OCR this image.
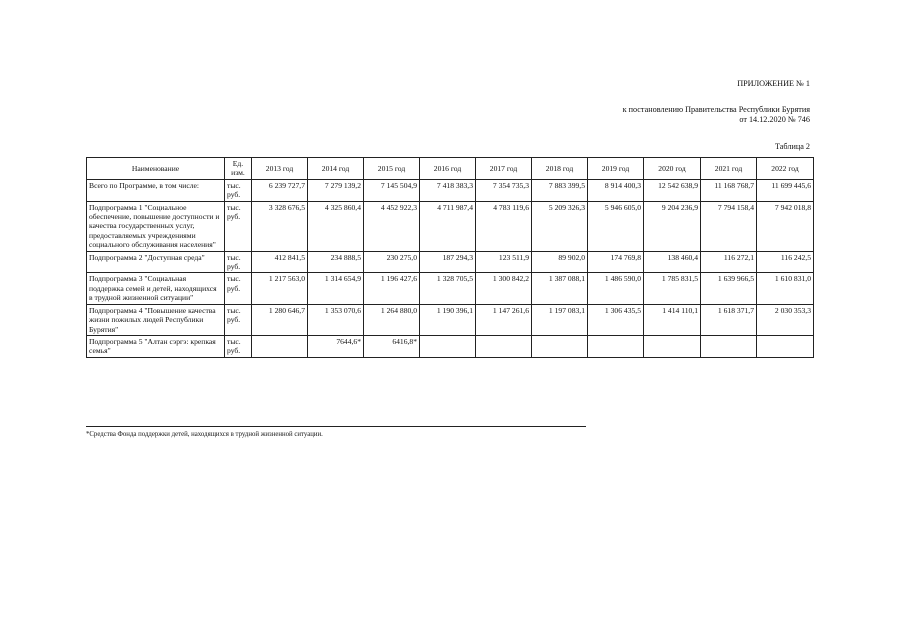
ПРИЛОЖЕНИЕ № 1
к постановлению Правительства Республики Бурятия
от 14.12.2020 № 746
Таблица 2
Наименование	Ед. изм.	2013 год	2014 год	2015 год	2016 год	2017 год	2018 год	2019 год	2020 год	2021 год	2022 год
Всего по Программе, в том числе:	тыс. руб.	6 239 727,7	7 279 139,2	7 145 504,9	7 418 383,3	7 354 735,3	7 883 399,5	8 914 400,3	12 542 638,9	11 168 768,7	11 699 445,6
Подпрограмма 1 "Социальное обеспечение, повышение доступности и качества государственных услуг, предоставляемых учреждениями социального обслуживания населения"	тыс. руб.	3 328 676,5	4 325 860,4	4 452 922,3	4 711 987,4	4 783 119,6	5 209 326,3	5 946 605,0	9 204 236,9	7 794 158,4	7 942 018,8
Подпрограмма 2 "Доступная среда"	тыс. руб.	412 841,5	234 888,5	230 275,0	187 294,3	123 511,9	89 902,0	174 769,8	138 460,4	116 272,1	116 242,5
Подпрограмма 3 "Социальная поддержка семей и детей, находящихся в трудной жизненной ситуации"	тыс. руб.	1 217 563,0	1 314 654,9	1 196 427,6	1 328 705,5	1 300 842,2	1 387 088,1	1 486 590,0	1 785 831,5	1 639 966,5	1 610 831,0
Подпрограмма 4 "Повышение качества жизни пожилых людей Республики Бурятия"	тыс. руб.	1 280 646,7	1 353 070,6	1 264 880,0	1 190 396,1	1 147 261,6	1 197 083,1	1 306 435,5	1 414 110,1	1 618 371,7	2 030 353,3
Подпрограмма 5 "Алтан сэргэ: крепкая семья"	тыс. руб.		7644,6*	6416,8*							
*Средства Фонда поддержки детей, находящихся в трудной жизненной ситуации.
